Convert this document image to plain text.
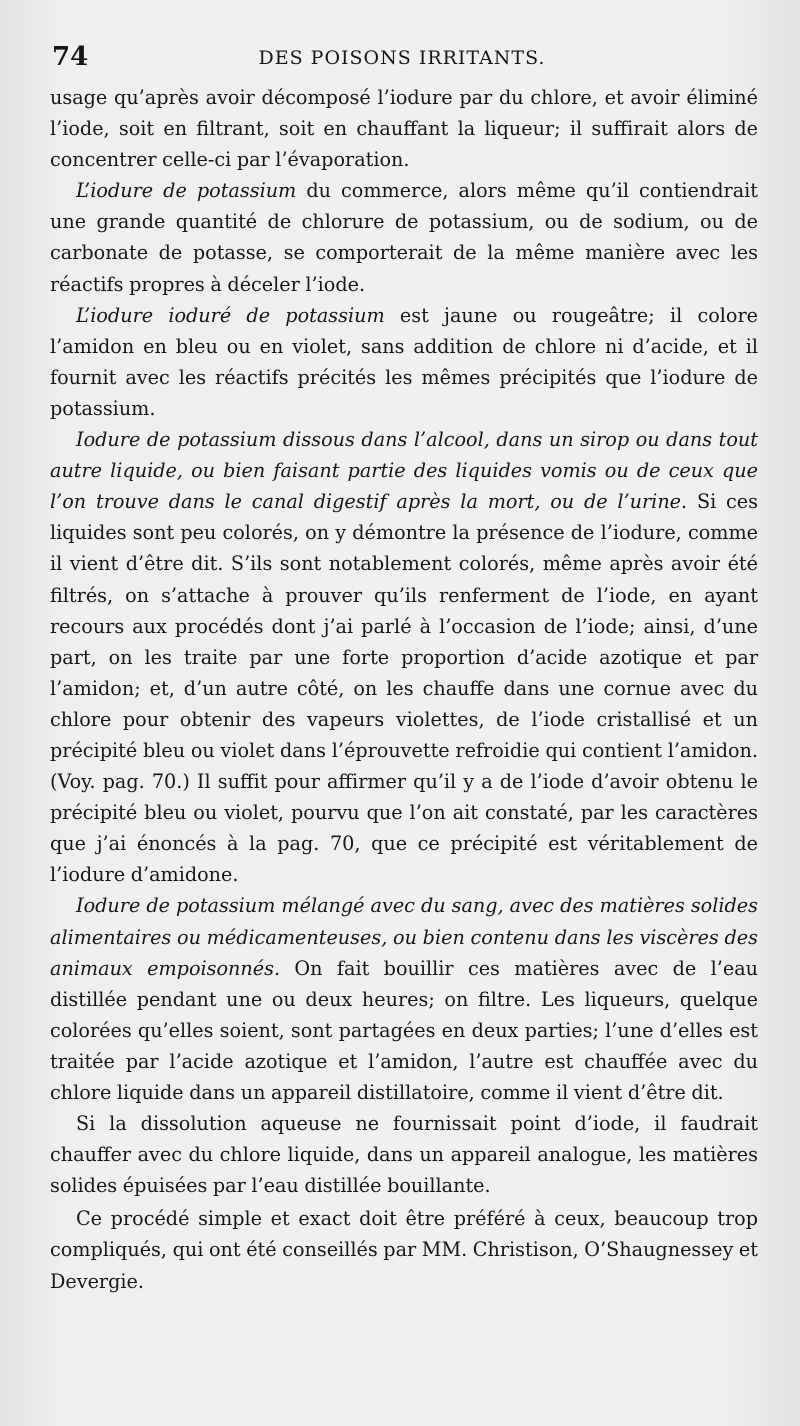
74	DES POISONS IRRITANTS.

usage qu’après avoir décomposé l’iodure par du chlore, et avoir éliminé l’iode, soit en filtrant, soit en chauffant la liqueur; il suffirait alors de concentrer celle-ci par l’évaporation.

L’iodure de potassium du commerce, alors même qu’il contiendrait une grande quantité de chlorure de potassium, ou de sodium, ou de carbonate de potasse, se comporterait de la même manière avec les réactifs propres à déceler l’iode.

L’iodure ioduré de potassium est jaune ou rougeâtre; il colore l’amidon en bleu ou en violet, sans addition de chlore ni d’acide, et il fournit avec les réactifs précités les mêmes précipités que l’iodure de potassium.

Iodure de potassium dissous dans l’alcool, dans un sirop ou dans tout autre liquide, ou bien faisant partie des liquides vomis ou de ceux que l’on trouve dans le canal digestif après la mort, ou de l’urine. Si ces liquides sont peu colorés, on y démontre la présence de l’iodure, comme il vient d’être dit. S’ils sont notablement colorés, même après avoir été filtrés, on s’attache à prouver qu’ils renferment de l’iode, en ayant recours aux procédés dont j’ai parlé à l’occasion de l’iode; ainsi, d’une part, on les traite par une forte proportion d’acide azotique et par l’amidon; et, d’un autre côté, on les chauffe dans une cornue avec du chlore pour obtenir des vapeurs violettes, de l’iode cristallisé et un précipité bleu ou violet dans l’éprouvette refroidie qui contient l’amidon. (Voy. pag. 70.) Il suffit pour affirmer qu’il y a de l’iode d’avoir obtenu le précipité bleu ou violet, pourvu que l’on ait constaté, par les caractères que j’ai énoncés à la pag. 70, que ce précipité est véritablement de l’iodure d’amidone.

Iodure de potassium mélangé avec du sang, avec des matières solides alimentaires ou médicamenteuses, ou bien contenu dans les viscères des animaux empoisonnés. On fait bouillir ces matières avec de l’eau distillée pendant une ou deux heures; on filtre. Les liqueurs, quelque colorées qu’elles soient, sont partagées en deux parties; l’une d’elles est traitée par l’acide azotique et l’amidon, l’autre est chauffée avec du chlore liquide dans un appareil distillatoire, comme il vient d’être dit.

Si la dissolution aqueuse ne fournissait point d’iode, il faudrait chauffer avec du chlore liquide, dans un appareil analogue, les matières solides épuisées par l’eau distillée bouillante.

Ce procédé simple et exact doit être préféré à ceux, beaucoup trop compliqués, qui ont été conseillés par MM. Christison, O’Shaugnessey et Devergie.
